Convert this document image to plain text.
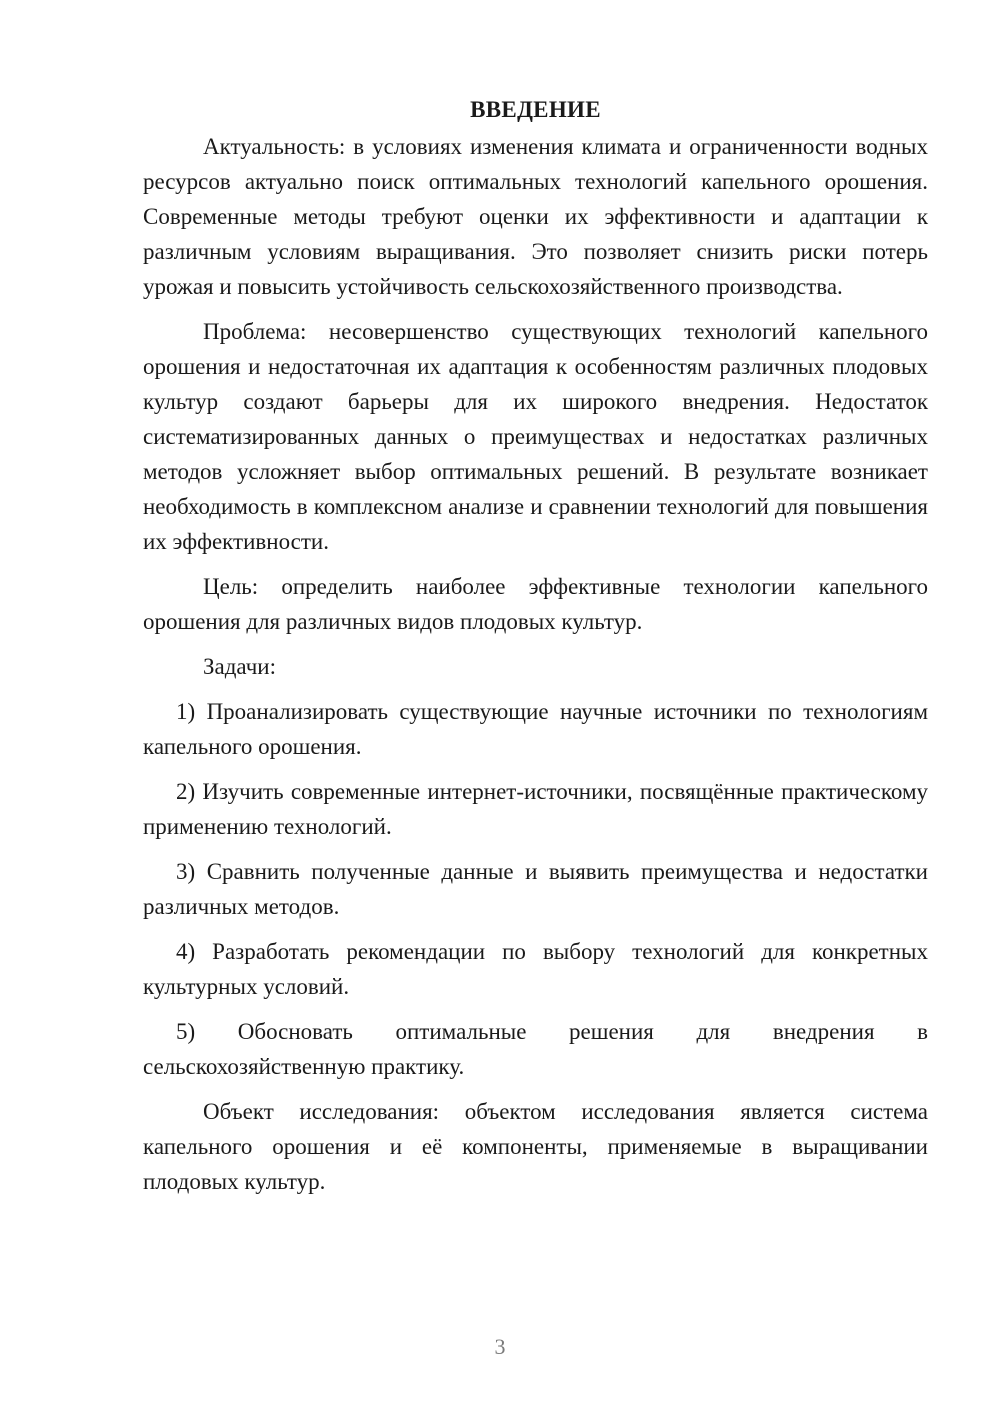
ВВЕДЕНИЕ

Актуальность: в условиях изменения климата и ограниченности водных ресурсов актуально поиск оптимальных технологий капельного орошения. Современные методы требуют оценки их эффективности и адаптации к различным условиям выращивания. Это позволяет снизить риски потерь урожая и повысить устойчивость сельскохозяйственного производства.

Проблема: несовершенство существующих технологий капельного орошения и недостаточная их адаптация к особенностям различных плодовых культур создают барьеры для их широкого внедрения. Недостаток систематизированных данных о преимуществах и недостатках различных методов усложняет выбор оптимальных решений. В результате возникает необходимость в комплексном анализе и сравнении технологий для повышения их эффективности.

Цель: определить наиболее эффективные технологии капельного орошения для различных видов плодовых культур.

Задачи:

1) Проанализировать существующие научные источники по технологиям капельного орошения.

2) Изучить современные интернет-источники, посвящённые практическому применению технологий.

3) Сравнить полученные данные и выявить преимущества и недостатки различных методов.

4) Разработать рекомендации по выбору технологий для конкретных культурных условий.

5) Обосновать оптимальные решения для внедрения в сельскохозяйственную практику.

Объект исследования: объектом исследования является система капельного орошения и её компоненты, применяемые в выращивании плодовых культур.

3
